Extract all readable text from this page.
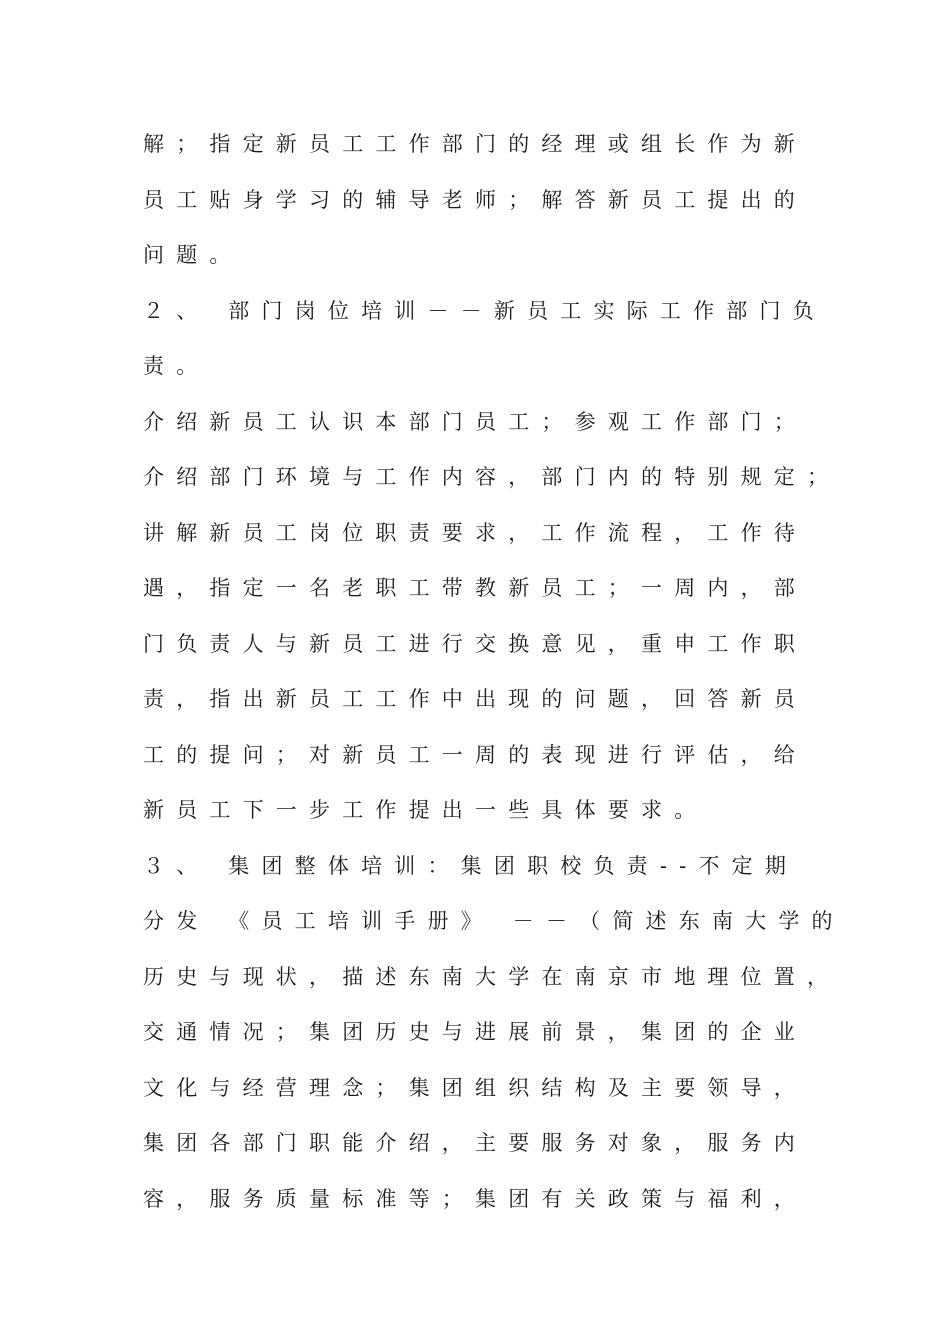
解；指定新员工工作部门的经理或组长作为新
员工贴身学习的辅导老师；解答新员工提出的
问题。
２、 部门岗位培训－－新员工实际工作部门负
责。
介绍新员工认识本部门员工；参观工作部门；
介绍部门环境与工作内容，部门内的特别规定；
讲解新员工岗位职责要求，工作流程，工作待
遇，指定一名老职工带教新员工；一周内，部
门负责人与新员工进行交换意见，重申工作职
责，指出新员工工作中出现的问题，回答新员
工的提问；对新员工一周的表现进行评估，给
新员工下一步工作提出一些具体要求。
３、 集团整体培训：集团职校负责--不定期
分发 《员工培训手册》 －－（简述东南大学的
历史与现状，描述东南大学在南京市地理位置，
交通情况；集团历史与进展前景，集团的企业
文化与经营理念；集团组织结构及主要领导，
集团各部门职能介绍，主要服务对象，服务内
容，服务质量标准等；集团有关政策与福利，
